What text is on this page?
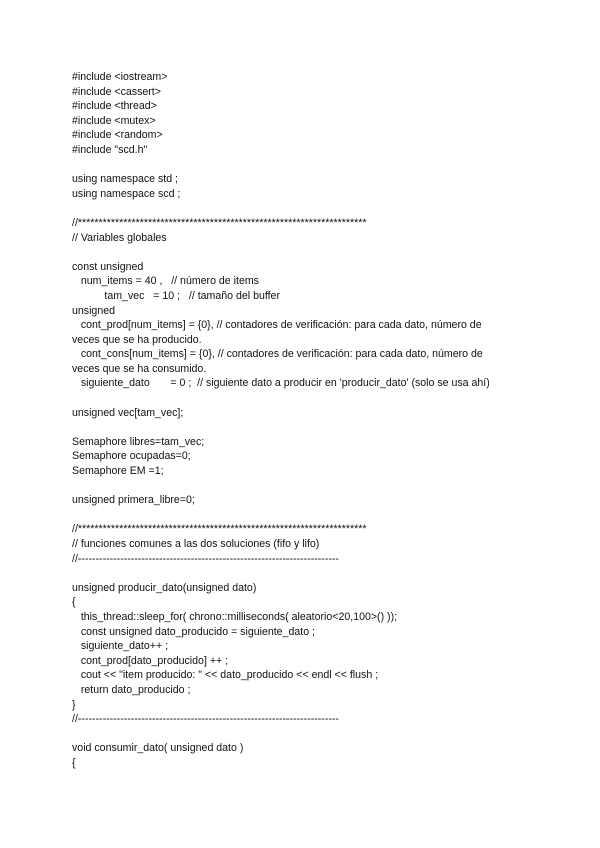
#include <iostream>
#include <cassert>
#include <thread>
#include <mutex>
#include <random>
#include "scd.h"
using namespace std ;
using namespace scd ;
//**********************************************************************
// Variables globales
const unsigned
num_items = 40 ,   // número de items
tam_vec   = 10 ;   // tamaño del buffer
unsigned
cont_prod[num_items] = {0}, // contadores de verificación: para cada dato, número de
veces que se ha producido.
cont_cons[num_items] = {0}, // contadores de verificación: para cada dato, número de
veces que se ha consumido.
siguiente_dato       = 0 ;  // siguiente dato a producir en 'producir_dato' (solo se usa ahí)
unsigned vec[tam_vec];
Semaphore libres=tam_vec;
Semaphore ocupadas=0;
Semaphore EM =1;
unsigned primera_libre=0;
//**********************************************************************
// funciones comunes a las dos soluciones (fifo y lifo)
//--------------------------------------------------------------------------
unsigned producir_dato(unsigned dato)
{
this_thread::sleep_for( chrono::milliseconds( aleatorio<20,100>() ));
const unsigned dato_producido = siguiente_dato ;
siguiente_dato++ ;
cont_prod[dato_producido] ++ ;
cout << "item producido: " << dato_producido << endl << flush ;
return dato_producido ;
}
//--------------------------------------------------------------------------
void consumir_dato( unsigned dato )
{
